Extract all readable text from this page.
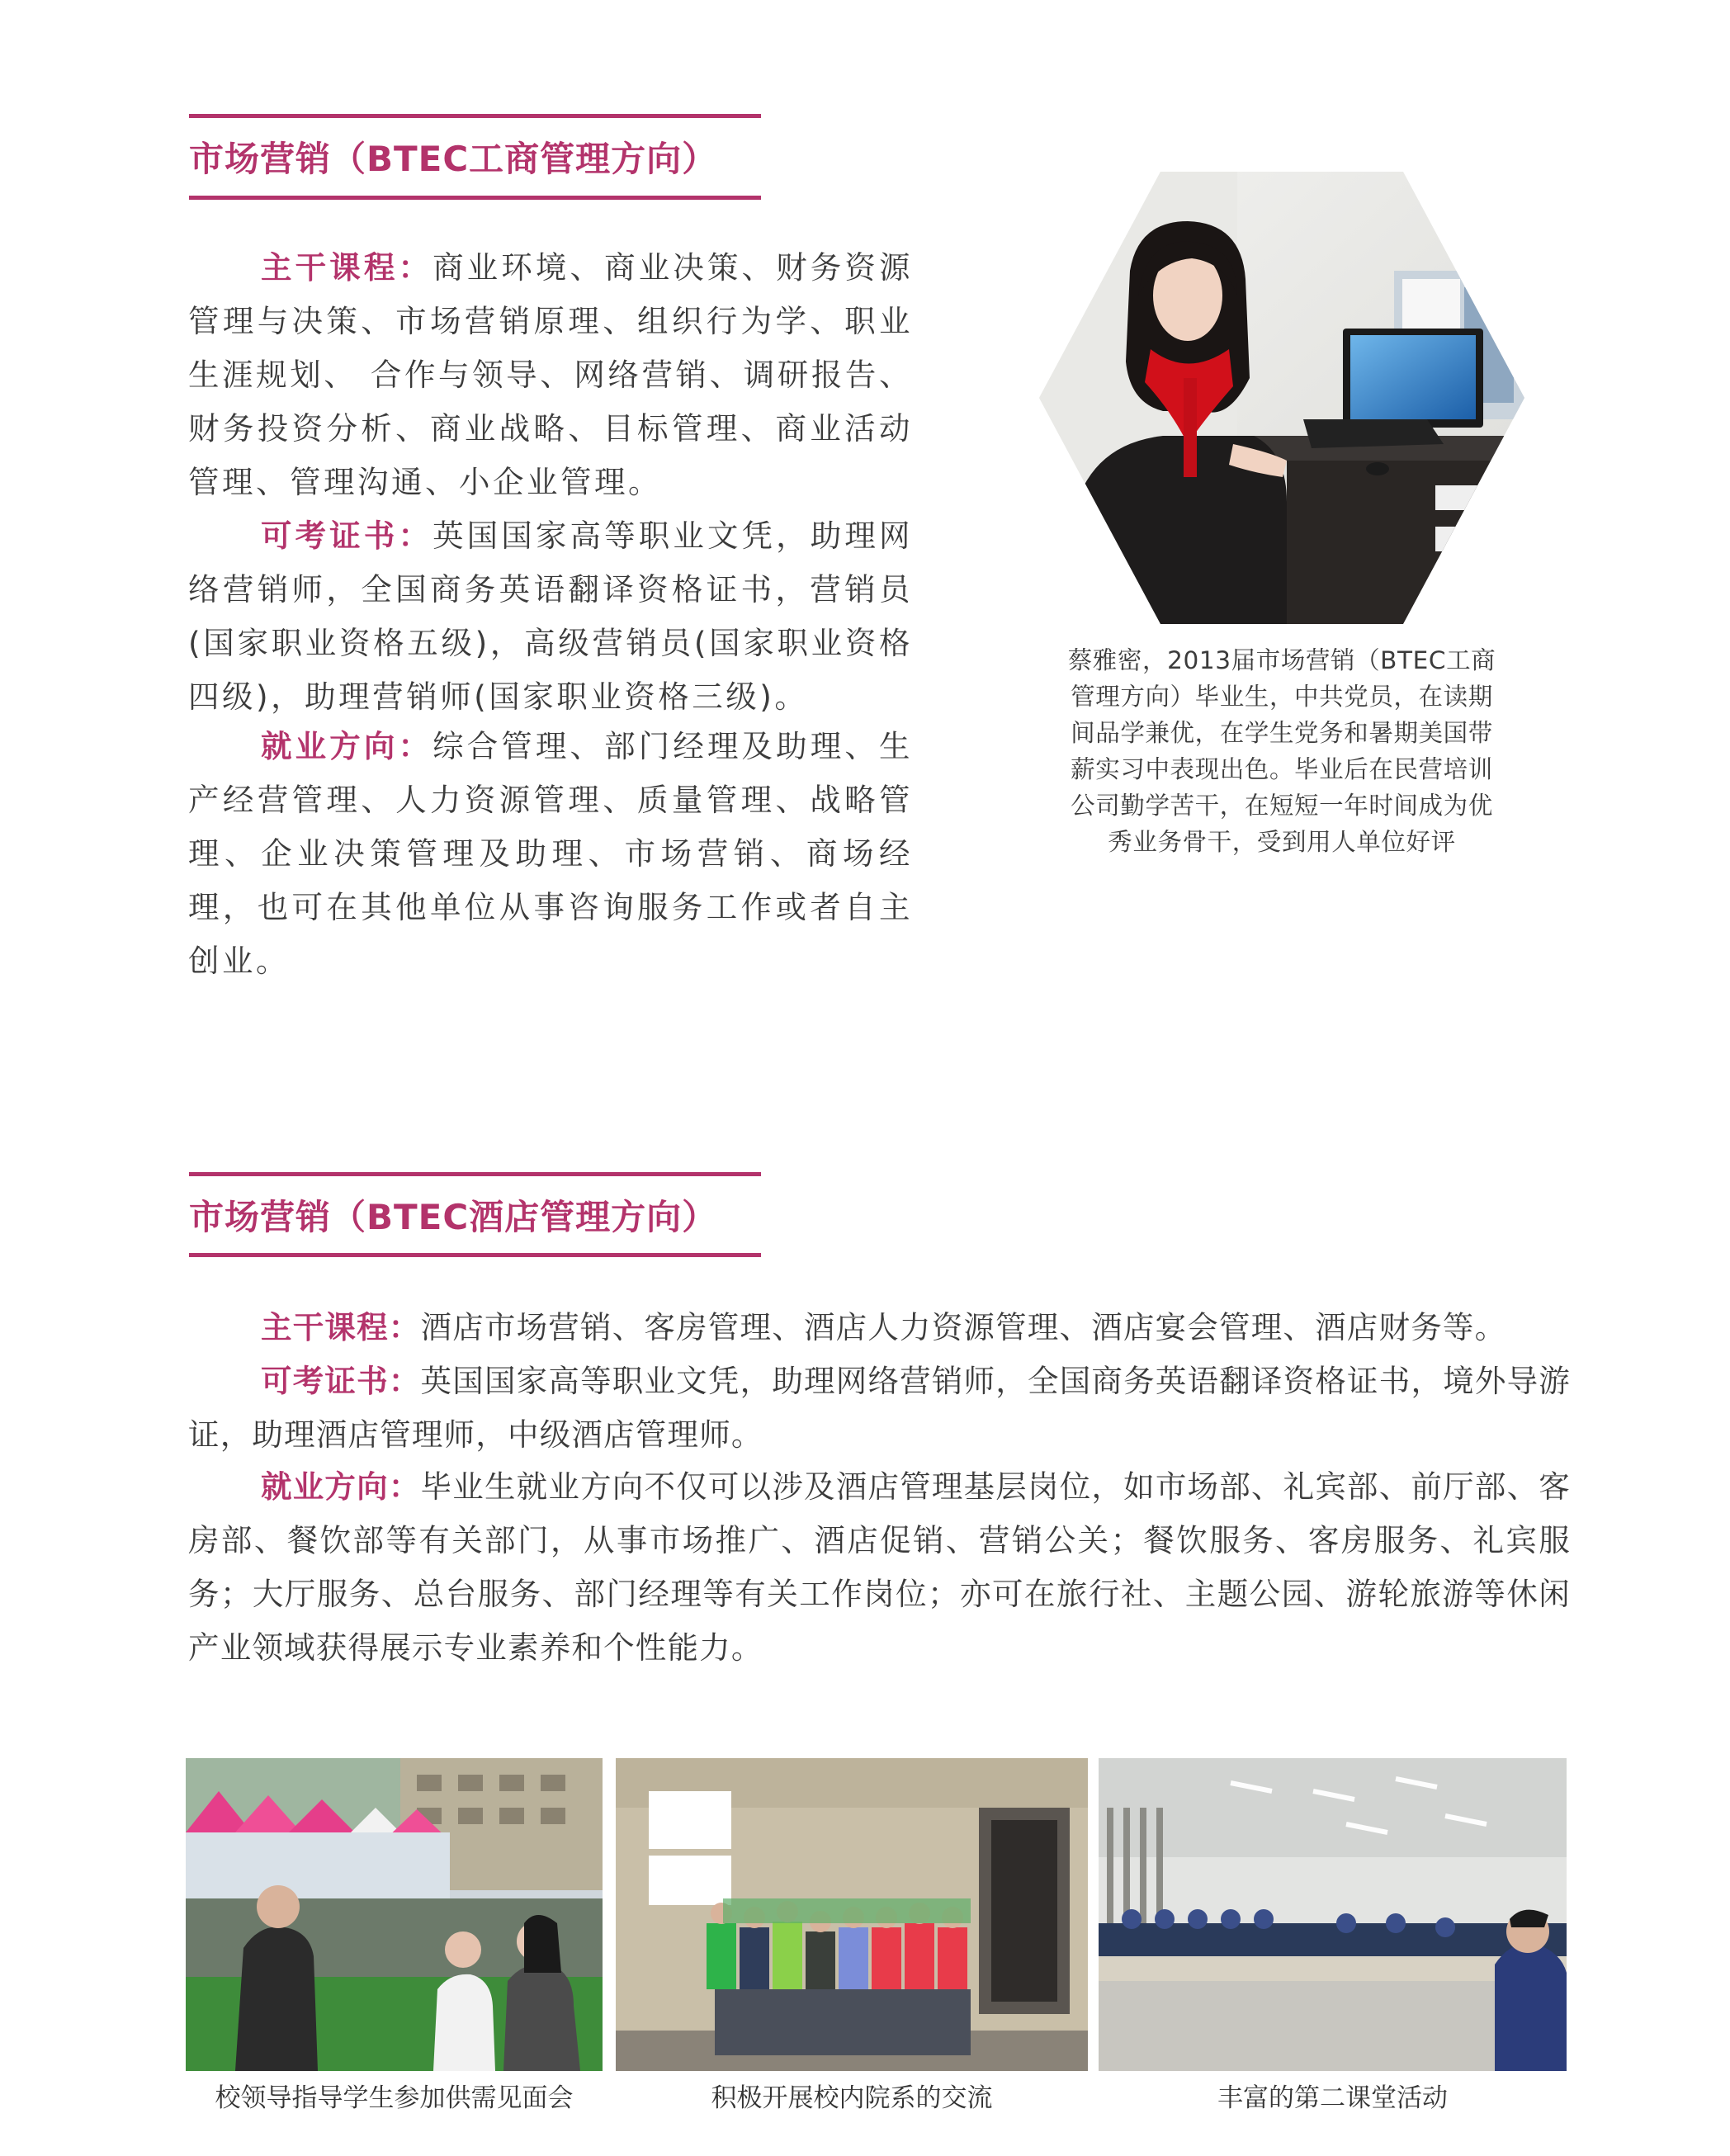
市场营销（BTEC工商管理方向）

主干课程：商业环境、商业决策、财务资源管理与决策、市场营销原理、组织行为学、职业生涯规划、 合作与领导、网络营销、调研报告、财务投资分析、商业战略、目标管理、商业活动管理、管理沟通、小企业管理。

可考证书：英国国家高等职业文凭，助理网络营销师，全国商务英语翻译资格证书，营销员(国家职业资格五级)，高级营销员(国家职业资格四级)，助理营销师(国家职业资格三级)。

就业方向：综合管理、部门经理及助理、生产经营管理、人力资源管理、质量管理、战略管理、企业决策管理及助理、市场营销、商场经理，也可在其他单位从事咨询服务工作或者自主创业。

蔡雅密，2013届市场营销（BTEC工商
管理方向）毕业生，中共党员，在读期
间品学兼优，在学生党务和暑期美国带
薪实习中表现出色。毕业后在民营培训
公司勤学苦干，在短短一年时间成为优
秀业务骨干，受到用人单位好评
市场营销（BTEC酒店管理方向）

主干课程：酒店市场营销、客房管理、酒店人力资源管理、酒店宴会管理、酒店财务等。

可考证书：英国国家高等职业文凭，助理网络营销师，全国商务英语翻译资格证书，境外导游证，助理酒店管理师，中级酒店管理师。

就业方向：毕业生就业方向不仅可以涉及酒店管理基层岗位，如市场部、礼宾部、前厅部、客房部、餐饮部等有关部门，从事市场推广、酒店促销、营销公关；餐饮服务、客房服务、礼宾服务；大厅服务、总台服务、部门经理等有关工作岗位；亦可在旅行社、主题公园、游轮旅游等休闲产业领域获得展示专业素养和个性能力。

校领导指导学生参加供需见面会	积极开展校内院系的交流	丰富的第二课堂活动
